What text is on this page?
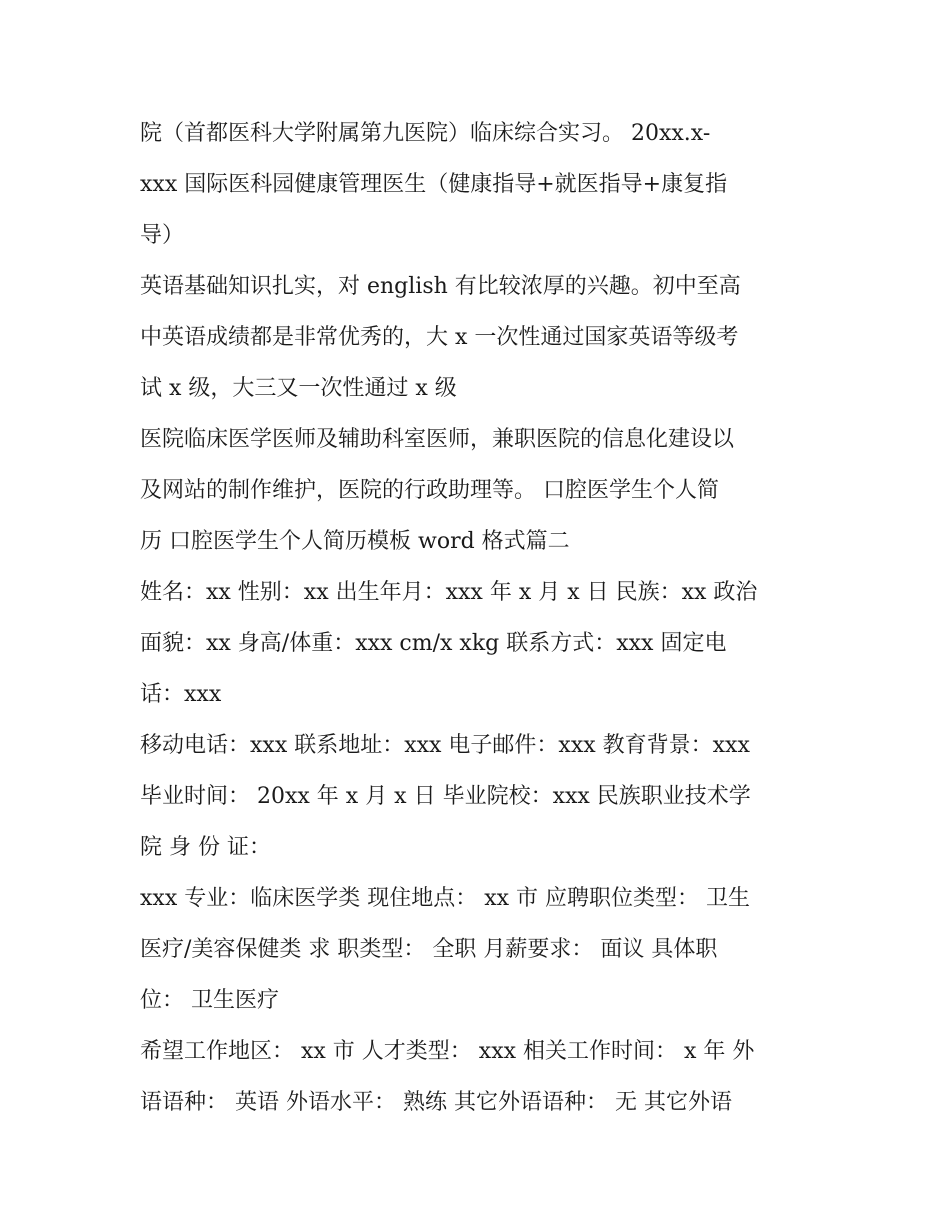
院（首都医科大学附属第九医院）临床综合实习。 20xx.x-
xxx 国际医科园健康管理医生（健康指导+就医指导+康复指
导）
英语基础知识扎实，对 english 有比较浓厚的兴趣。初中至高
中英语成绩都是非常优秀的，大 x 一次性通过国家英语等级考
试 x 级，大三又一次性通过 x 级
医院临床医学医师及辅助科室医师，兼职医院的信息化建设以
及网站的制作维护，医院的行政助理等。 口腔医学生个人简
历 口腔医学生个人简历模板 word 格式篇二
姓名：xx 性别：xx 出生年月：xxx 年 x 月 x 日 民族：xx 政治
面貌：xx 身高/体重：xxx cm/x xkg 联系方式：xxx 固定电
话：xxx
移动电话：xxx 联系地址：xxx 电子邮件：xxx 教育背景：xxx
毕业时间： 20xx 年 x 月 x 日 毕业院校：xxx 民族职业技术学
院 身 份 证：
xxx 专业：临床医学类 现住地点： xx 市 应聘职位类型： 卫生
医疗/美容保健类 求 职类型： 全职 月薪要求： 面议 具体职
位： 卫生医疗
希望工作地区： xx 市 人才类型： xxx 相关工作时间： x 年 外
语语种： 英语 外语水平： 熟练 其它外语语种： 无 其它外语
